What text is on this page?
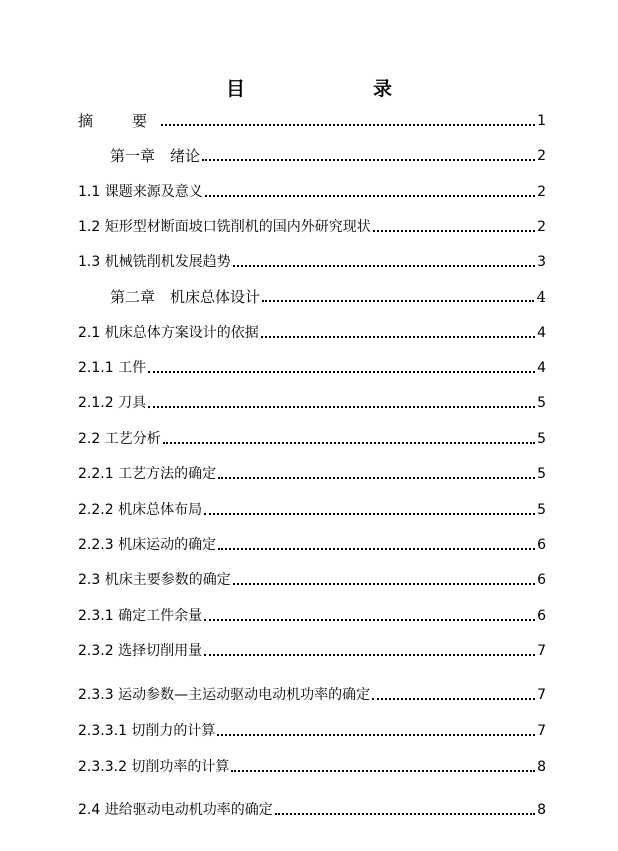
目　　录
摘　要	1
第一章　绪论	2
1.1 课题来源及意义	2
1.2 矩形型材断面坡口铣削机的国内外研究现状	2
1.3 机械铣削机发展趋势	3
第二章　机床总体设计	4
2.1 机床总体方案设计的依据	4
2.1.1 工件	4
2.1.2 刀具	5
2.2 工艺分析	5
2.2.1 工艺方法的确定	5
2.2.2 机床总体布局	5
2.2.3 机床运动的确定	6
2.3 机床主要参数的确定	6
2.3.1 确定工件余量	6
2.3.2 选择切削用量	7
2.3.3 运动参数—主运动驱动电动机功率的确定	7
2.3.3.1 切削力的计算	7
2.3.3.2 切削功率的计算	8
2.4 进给驱动电动机功率的确定	8
